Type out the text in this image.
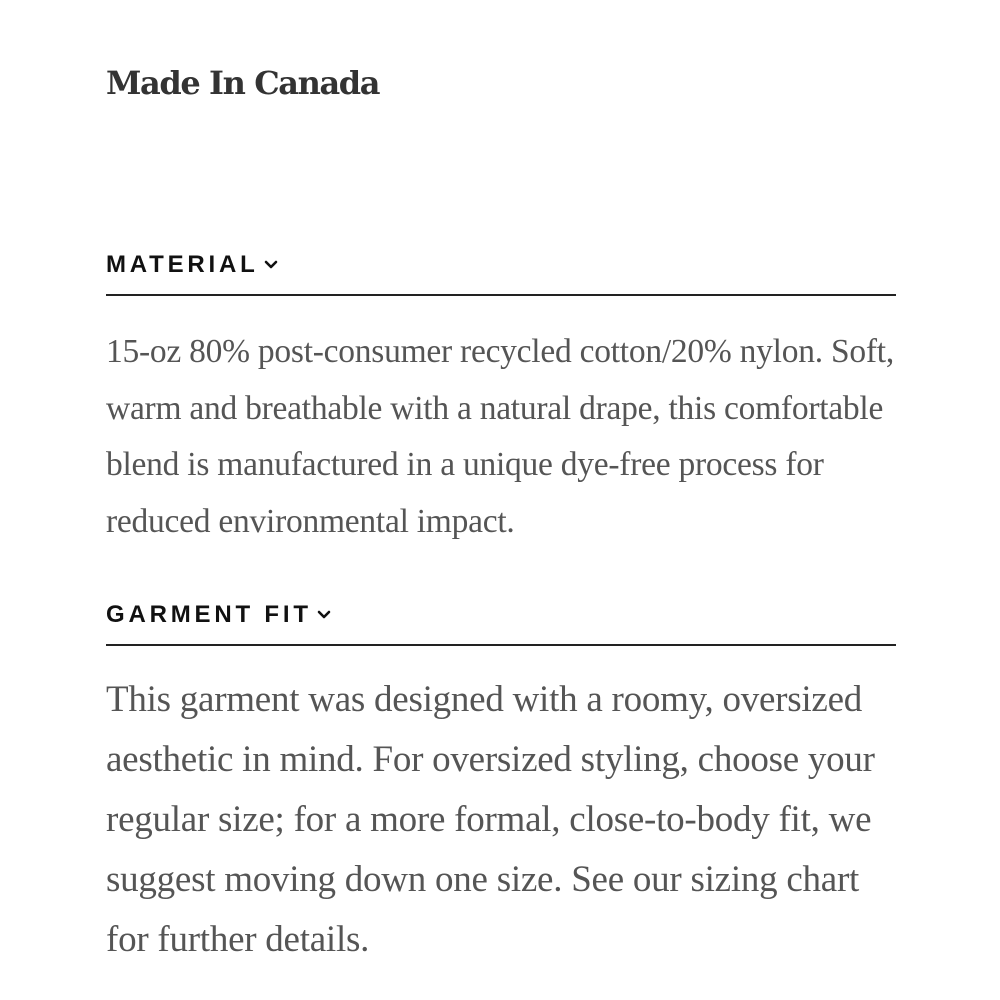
Made In Canada
MATERIAL

15-oz 80% post-consumer recycled cotton/20% nylon. Soft, warm and breathable with a natural drape, this comfortable blend is manufactured in a unique dye-free process for reduced environmental impact.

GARMENT FIT

This garment was designed with a roomy, oversized aesthetic in mind. For oversized styling, choose your regular size; for a more formal, close-to-body fit, we suggest moving down one size. See our sizing chart for further details.
